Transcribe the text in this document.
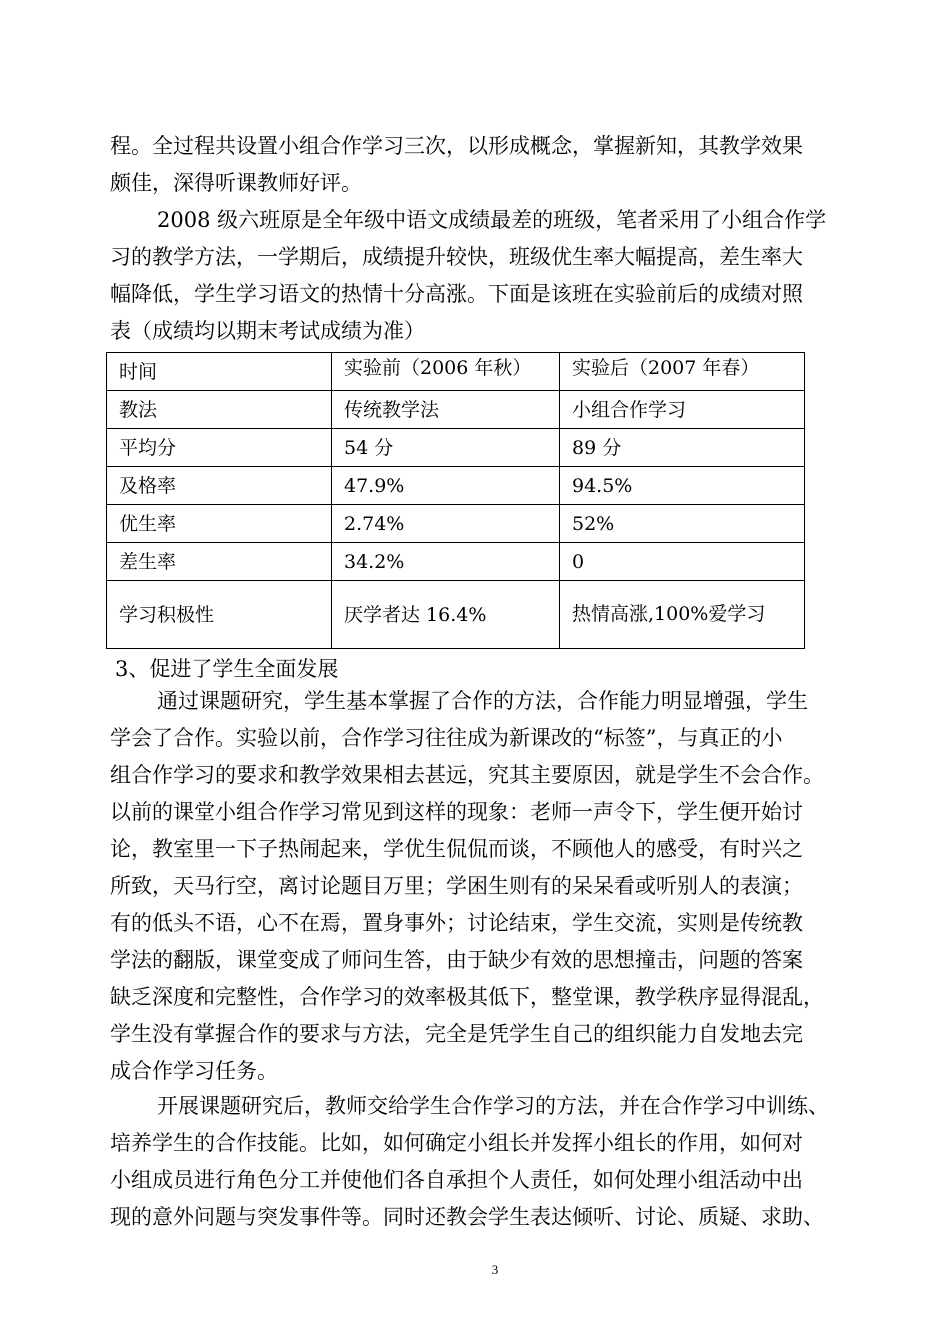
程。全过程共设置小组合作学习三次，以形成概念，掌握新知，其教学效果
颇佳，深得听课教师好评。
2008 级六班原是全年级中语文成绩最差的班级，笔者采用了小组合作学
习的教学方法，一学期后，成绩提升较快，班级优生率大幅提高，差生率大
幅降低，学生学习语文的热情十分高涨。下面是该班在实验前后的成绩对照
表（成绩均以期末考试成绩为准）
时间	实验前（2006 年秋）	实验后（2007 年春）
教法	传统教学法	小组合作学习
平均分	54 分	89 分
及格率	47.9%	94.5%
优生率	2.74%	52%
差生率	34.2%	0
学习积极性	厌学者达 16.4%	热情高涨,100%爱学习
3、促进了学生全面发展
通过课题研究，学生基本掌握了合作的方法，合作能力明显增强，学生
学会了合作。实验以前，合作学习往往成为新课改的“标签”，与真正的小
组合作学习的要求和教学效果相去甚远，究其主要原因，就是学生不会合作。
以前的课堂小组合作学习常见到这样的现象：老师一声令下，学生便开始讨
论，教室里一下子热闹起来，学优生侃侃而谈，不顾他人的感受，有时兴之
所致，天马行空，离讨论题目万里；学困生则有的呆呆看或听别人的表演；
有的低头不语，心不在焉，置身事外；讨论结束，学生交流，实则是传统教
学法的翻版，课堂变成了师问生答，由于缺少有效的思想撞击，问题的答案
缺乏深度和完整性，合作学习的效率极其低下，整堂课，教学秩序显得混乱，
学生没有掌握合作的要求与方法，完全是凭学生自己的组织能力自发地去完
成合作学习任务。
开展课题研究后，教师交给学生合作学习的方法，并在合作学习中训练、
培养学生的合作技能。比如，如何确定小组长并发挥小组长的作用，如何对
小组成员进行角色分工并使他们各自承担个人责任，如何处理小组活动中出
现的意外问题与突发事件等。同时还教会学生表达倾听、讨论、质疑、求助、
3
